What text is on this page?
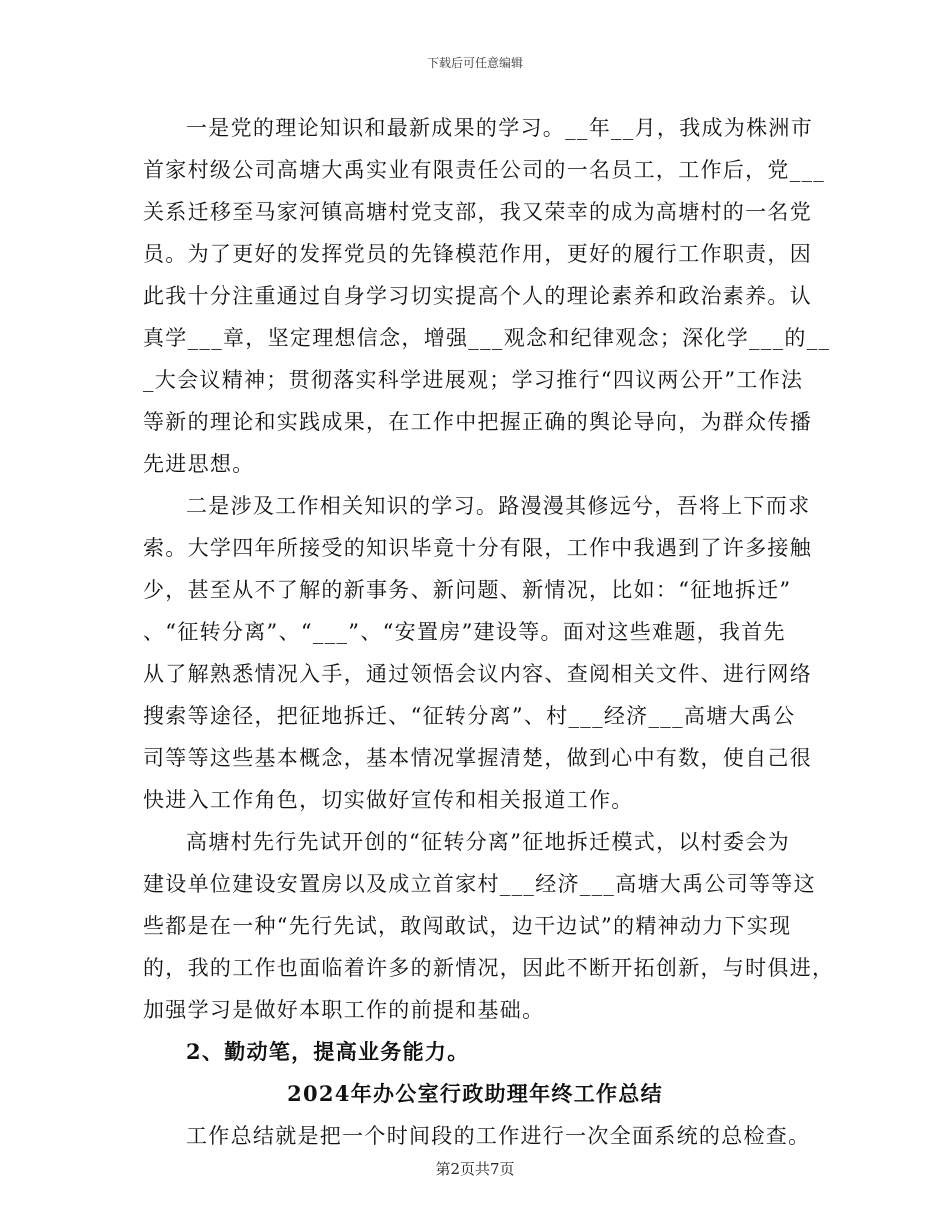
下载后可任意编辑
一是党的理论知识和最新成果的学习。__年__月，我成为株洲市
首家村级公司高塘大禹实业有限责任公司的一名员工，工作后，党___
关系迁移至马家河镇高塘村党支部，我又荣幸的成为高塘村的一名党
员。为了更好的发挥党员的先锋模范作用，更好的履行工作职责，因
此我十分注重通过自身学习切实提高个人的理论素养和政治素养。认
真学___章，坚定理想信念，增强___观念和纪律观念；深化学___的__
_大会议精神；贯彻落实科学进展观；学习推行“四议两公开”工作法
等新的理论和实践成果，在工作中把握正确的舆论导向，为群众传播
先进思想。
二是涉及工作相关知识的学习。路漫漫其修远兮，吾将上下而求
索。大学四年所接受的知识毕竟十分有限，工作中我遇到了许多接触
少，甚至从不了解的新事务、新问题、新情况，比如：“征地拆迁”
、“征转分离”、“___”、“安置房”建设等。面对这些难题，我首先
从了解熟悉情况入手，通过领悟会议内容、查阅相关文件、进行网络
搜索等途径，把征地拆迁、“征转分离”、村___经济___高塘大禹公
司等等这些基本概念，基本情况掌握清楚，做到心中有数，使自己很
快进入工作角色，切实做好宣传和相关报道工作。
高塘村先行先试开创的“征转分离”征地拆迁模式，以村委会为
建设单位建设安置房以及成立首家村___经济___高塘大禹公司等等这
些都是在一种“先行先试，敢闯敢试，边干边试”的精神动力下实现
的，我的工作也面临着许多的新情况，因此不断开拓创新，与时俱进，
加强学习是做好本职工作的前提和基础。
2、勤动笔，提高业务能力。
2024年办公室行政助理年终工作总结
工作总结就是把一个时间段的工作进行一次全面系统的总检查。
第2页共7页
